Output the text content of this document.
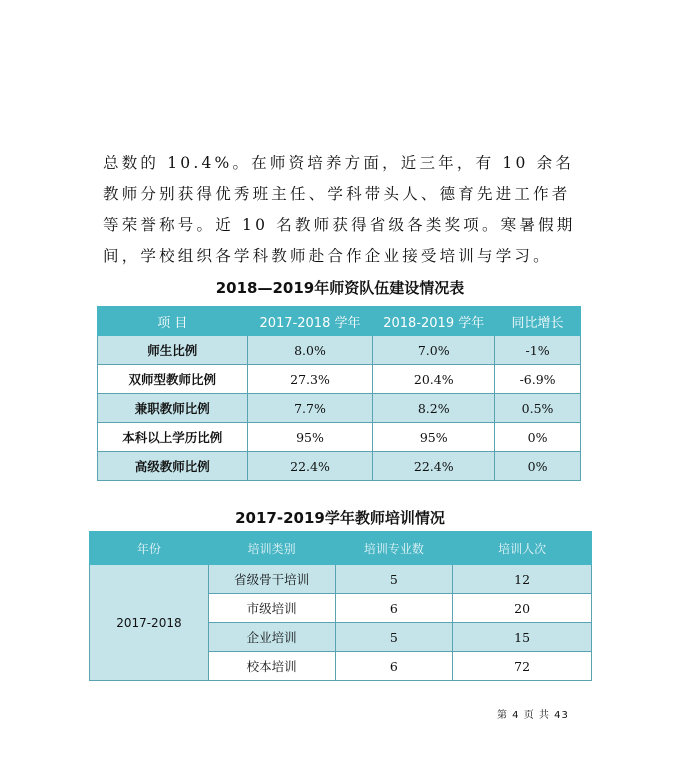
总数的 10.4%。在师资培养方面，近三年，有 10 余名教师分别获得优秀班主任、学科带头人、德育先进工作者等荣誉称号。近 10 名教师获得省级各类奖项。寒暑假期间，学校组织各学科教师赴合作企业接受培训与学习。

2018—2019年师资队伍建设情况表
项 目	2017-2018 学年	2018-2019 学年	同比增长
师生比例	8.0%	7.0%	-1%
双师型教师比例	27.3%	20.4%	-6.9%
兼职教师比例	7.7%	8.2%	0.5%
本科以上学历比例	95%	95%	0%
高级教师比例	22.4%	22.4%	0%
2017-2019学年教师培训情况
年份	培训类别	培训专业数	培训人次
2017-2018	省级骨干培训	5	12
	市级培训	6	20
	企业培训	5	15
	校本培训	6	72
第 4 页 共 43
